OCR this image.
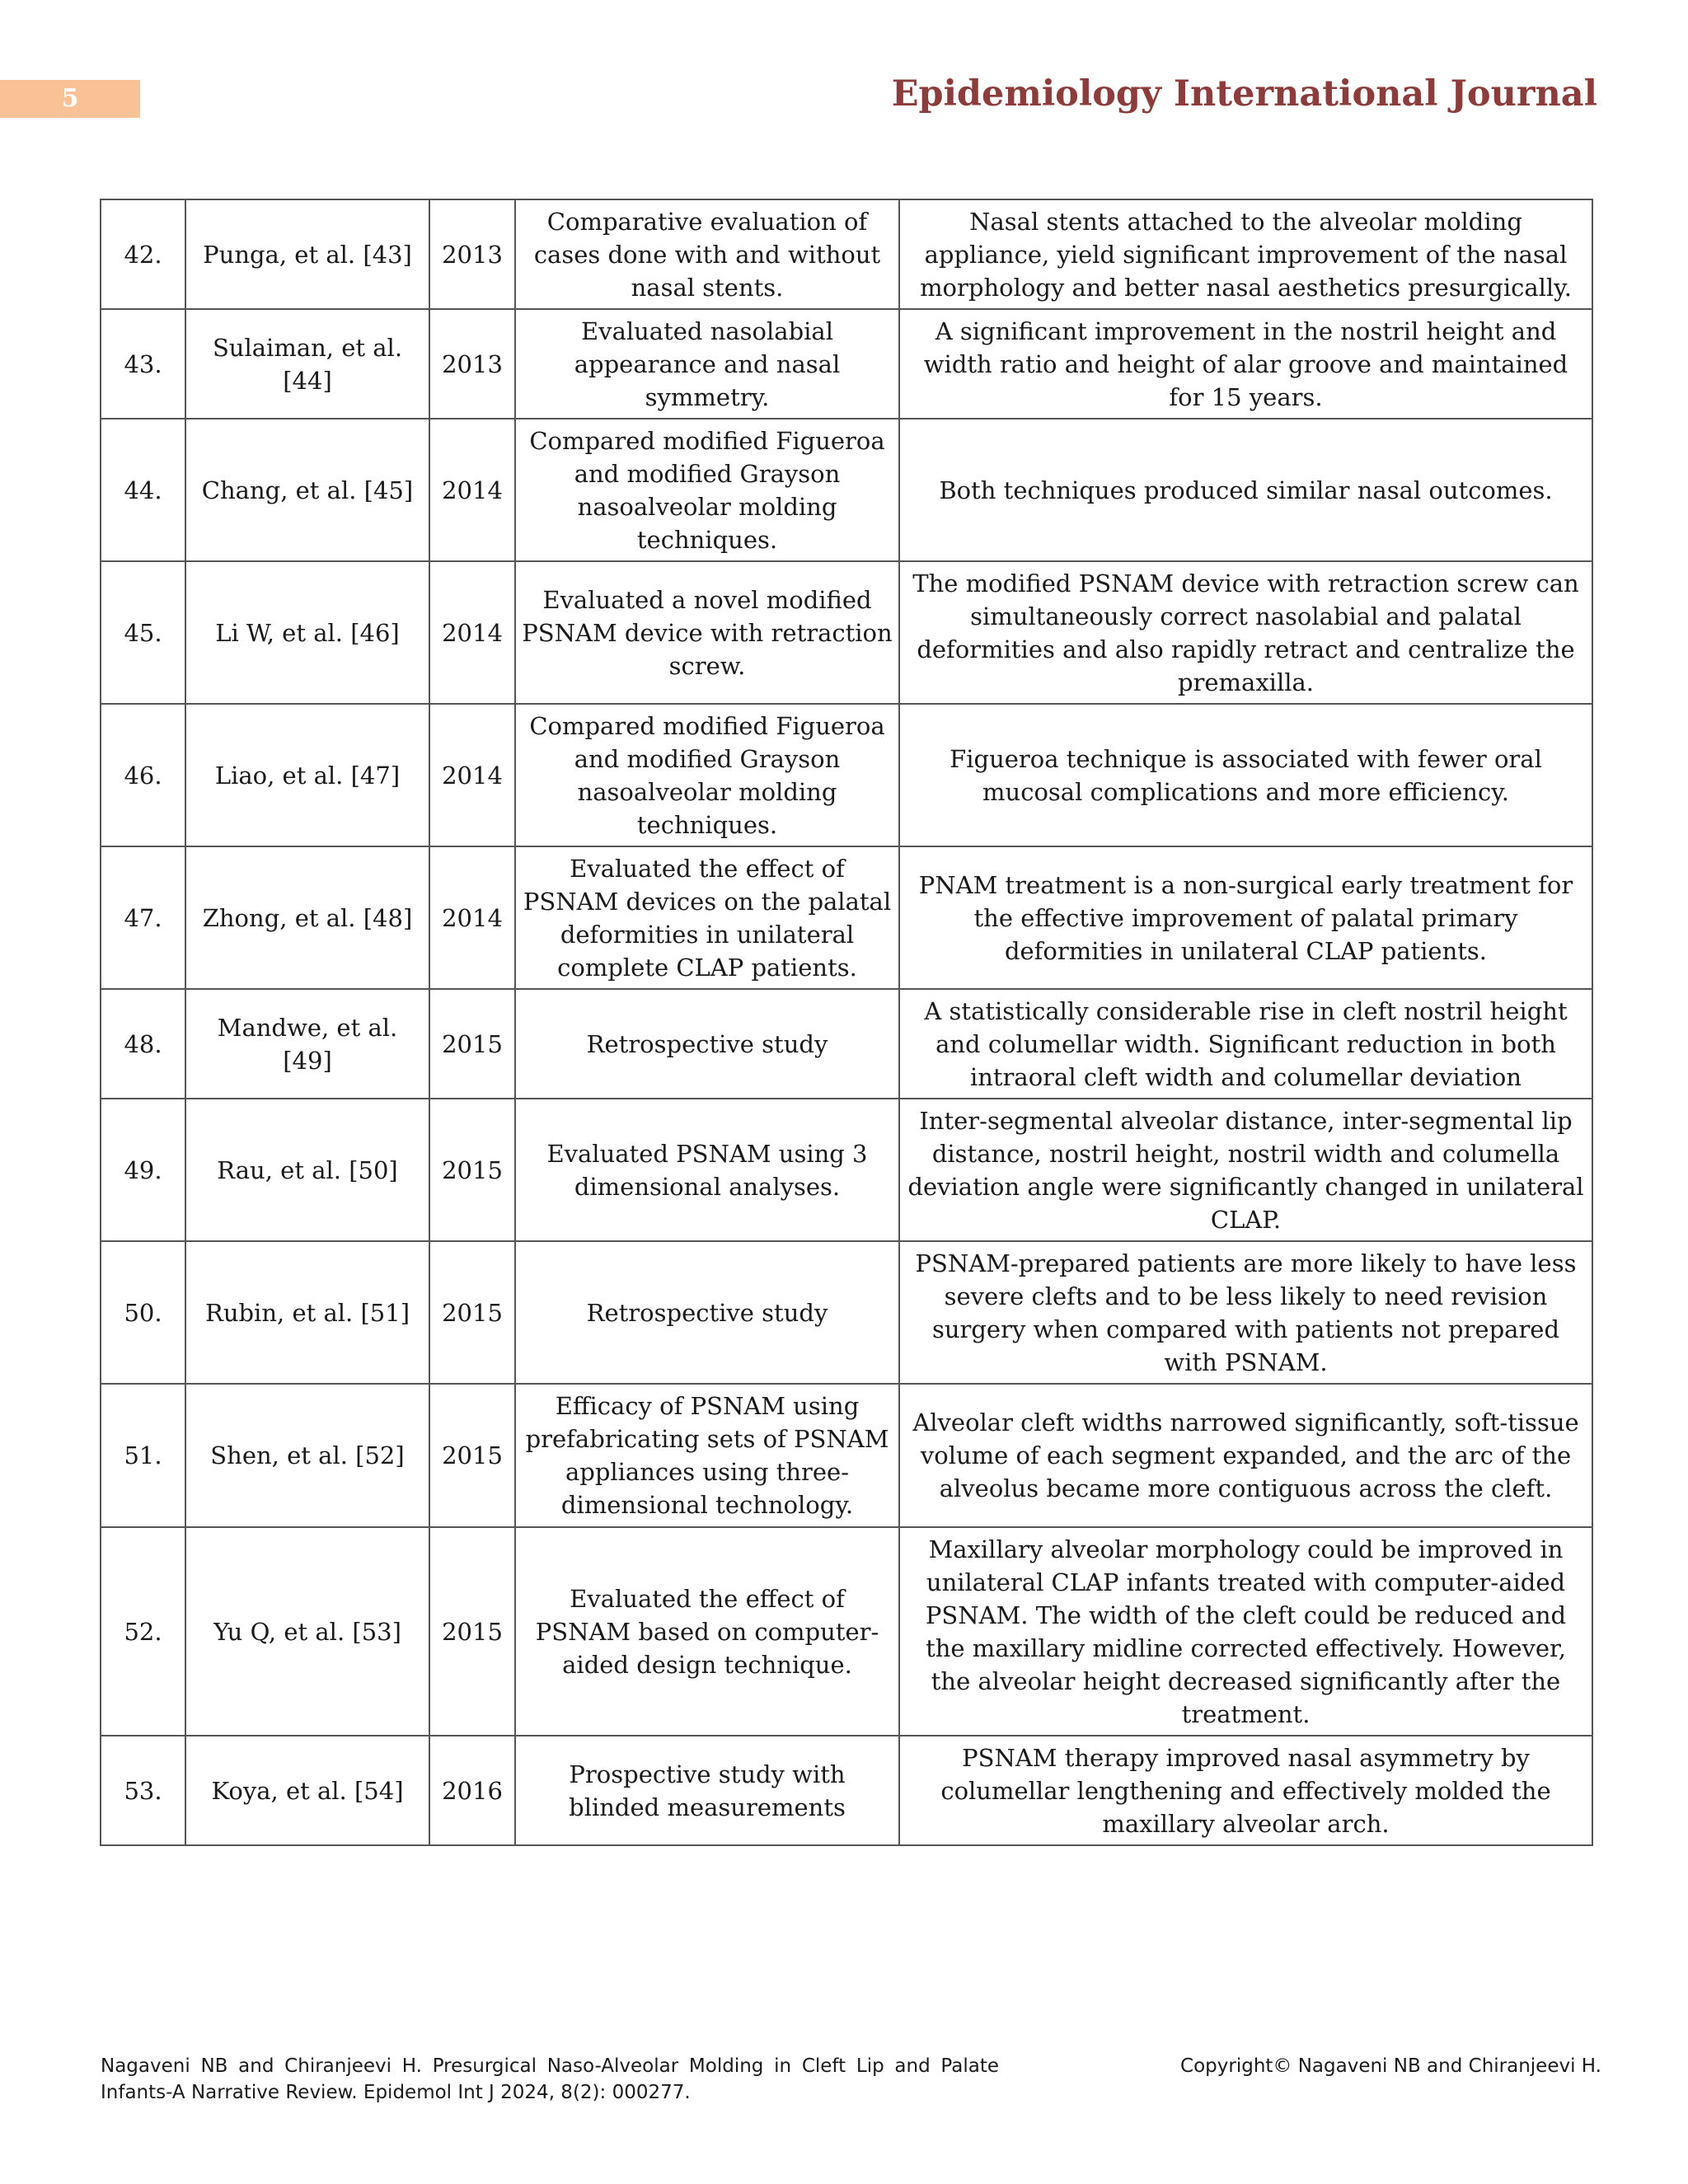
5	Epidemiology International Journal
42.	Punga, et al. [43]	2013	Comparative evaluation of cases done with and without nasal stents.	Nasal stents attached to the alveolar molding appliance, yield significant improvement of the nasal morphology and better nasal aesthetics presurgically.
43.	Sulaiman, et al. [44]	2013	Evaluated nasolabial appearance and nasal symmetry.	A significant improvement in the nostril height and width ratio and height of alar groove and maintained for 15 years.
44.	Chang, et al. [45]	2014	Compared modified Figueroa and modified Grayson nasoalveolar molding techniques.	Both techniques produced similar nasal outcomes.
45.	Li W, et al. [46]	2014	Evaluated a novel modified PSNAM device with retraction screw.	The modified PSNAM device with retraction screw can simultaneously correct nasolabial and palatal deformities and also rapidly retract and centralize the premaxilla.
46.	Liao, et al. [47]	2014	Compared modified Figueroa and modified Grayson nasoalveolar molding techniques.	Figueroa technique is associated with fewer oral mucosal complications and more efficiency.
47.	Zhong, et al. [48]	2014	Evaluated the effect of PSNAM devices on the palatal deformities in unilateral complete CLAP patients.	PNAM treatment is a non-surgical early treatment for the effective improvement of palatal primary deformities in unilateral CLAP patients.
48.	Mandwe, et al. [49]	2015	Retrospective study	A statistically considerable rise in cleft nostril height and columellar width. Significant reduction in both intraoral cleft width and columellar deviation
49.	Rau, et al. [50]	2015	Evaluated PSNAM using 3 dimensional analyses.	Inter-segmental alveolar distance, inter-segmental lip distance, nostril height, nostril width and columella deviation angle were significantly changed in unilateral CLAP.
50.	Rubin, et al. [51]	2015	Retrospective study	PSNAM-prepared patients are more likely to have less severe clefts and to be less likely to need revision surgery when compared with patients not prepared with PSNAM.
51.	Shen, et al. [52]	2015	Efficacy of PSNAM using prefabricating sets of PSNAM appliances using three-dimensional technology.	Alveolar cleft widths narrowed significantly, soft-tissue volume of each segment expanded, and the arc of the alveolus became more contiguous across the cleft.
52.	Yu Q, et al. [53]	2015	Evaluated the effect of PSNAM based on computer-aided design technique.	Maxillary alveolar morphology could be improved in unilateral CLAP infants treated with computer-aided PSNAM. The width of the cleft could be reduced and the maxillary midline corrected effectively. However, the alveolar height decreased significantly after the treatment.
53.	Koya, et al. [54]	2016	Prospective study with blinded measurements	PSNAM therapy improved nasal asymmetry by columellar lengthening and effectively molded the maxillary alveolar arch.
Nagaveni NB and Chiranjeevi H. Presurgical Naso-Alveolar Molding in Cleft Lip and Palate Infants-A Narrative Review. Epidemol Int J 2024, 8(2): 000277.
Copyright© Nagaveni NB and Chiranjeevi H.
